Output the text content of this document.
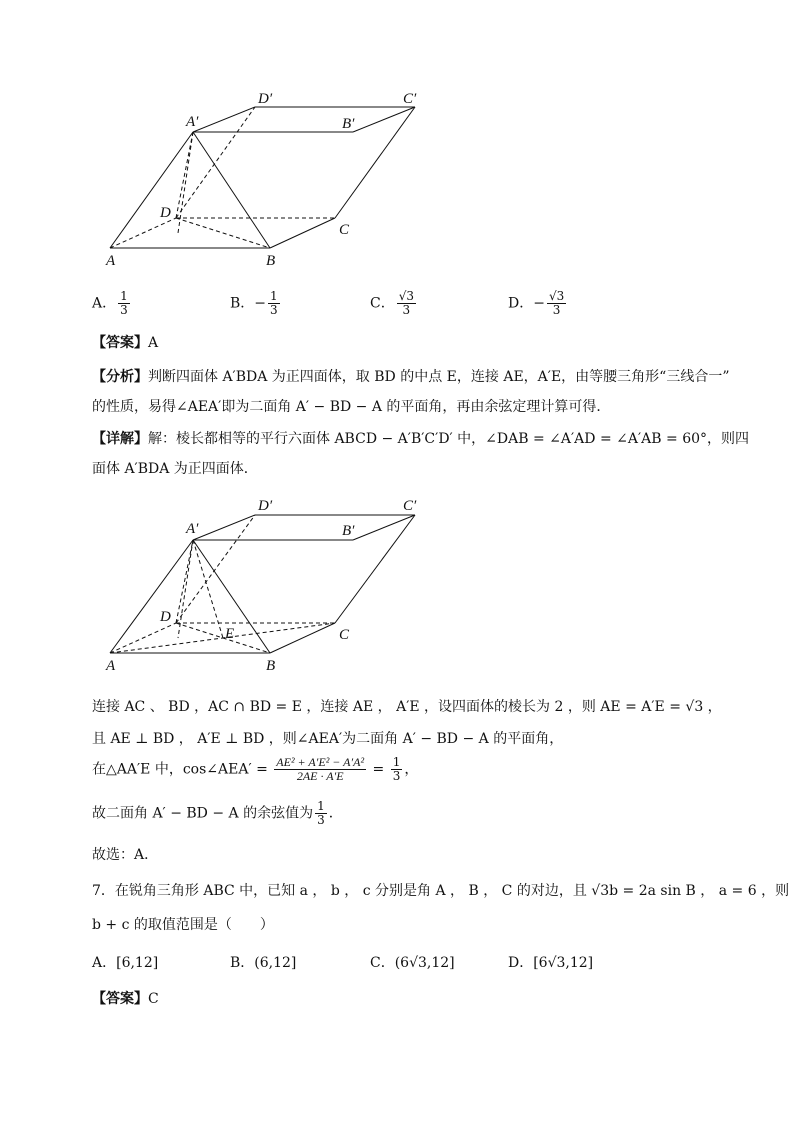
A	B
C
D
A′	B′
C′
D′
A． $\frac{1}{3}$	B．− $\frac{1}{3}$	C． $\frac{√3}{3}$	D．− $\frac{√3}{3}$
【答案】A
【分析】判断四面体 A′BDA 为正四面体，取 BD 的中点 E，连接 AE，A′E，由等腰三角形“三线合一”
的性质，易得∠AEA′即为二面角 A′ − BD − A 的平面角，再由余弦定理计算可得．
【详解】解：棱长都相等的平行六面体 ABCD − A′B′C′D′ 中，∠DAB = ∠A′AD = ∠A′AB = 60°，则四
面体 A′BDA 为正四面体．
A	B
C
D
E
A′	B′
C′
D′
连接 AC 、 BD ，AC ∩ BD = E ，连接 AE ， A′E ，设四面体的棱长为 2 ，则 AE = A′E = √3 ，
且 AE ⊥ BD ， A′E ⊥ BD ，则∠AEA′为二面角 A′ − BD − A 的平面角，
在△AA′E 中，cos∠AEA′ = $\frac{\text{AE² + A′E² − A′A²}}{2AE \cdot A'E} = \frac{1}{3}$ ，
故二面角 A′ − BD − A 的余弦值为 $\frac{1}{3}$ ．
故选：A．
7．在锐角三角形 ABC 中，已知 a ， b ， c 分别是角 A ， B ， C 的对边，且 √3b = 2a sin B ， a = 6 ，则
b + c 的取值范围是（　　）
A．[6,12]	B．(6,12]	C．(6√3,12]	D．[6√3,12]
【答案】C
